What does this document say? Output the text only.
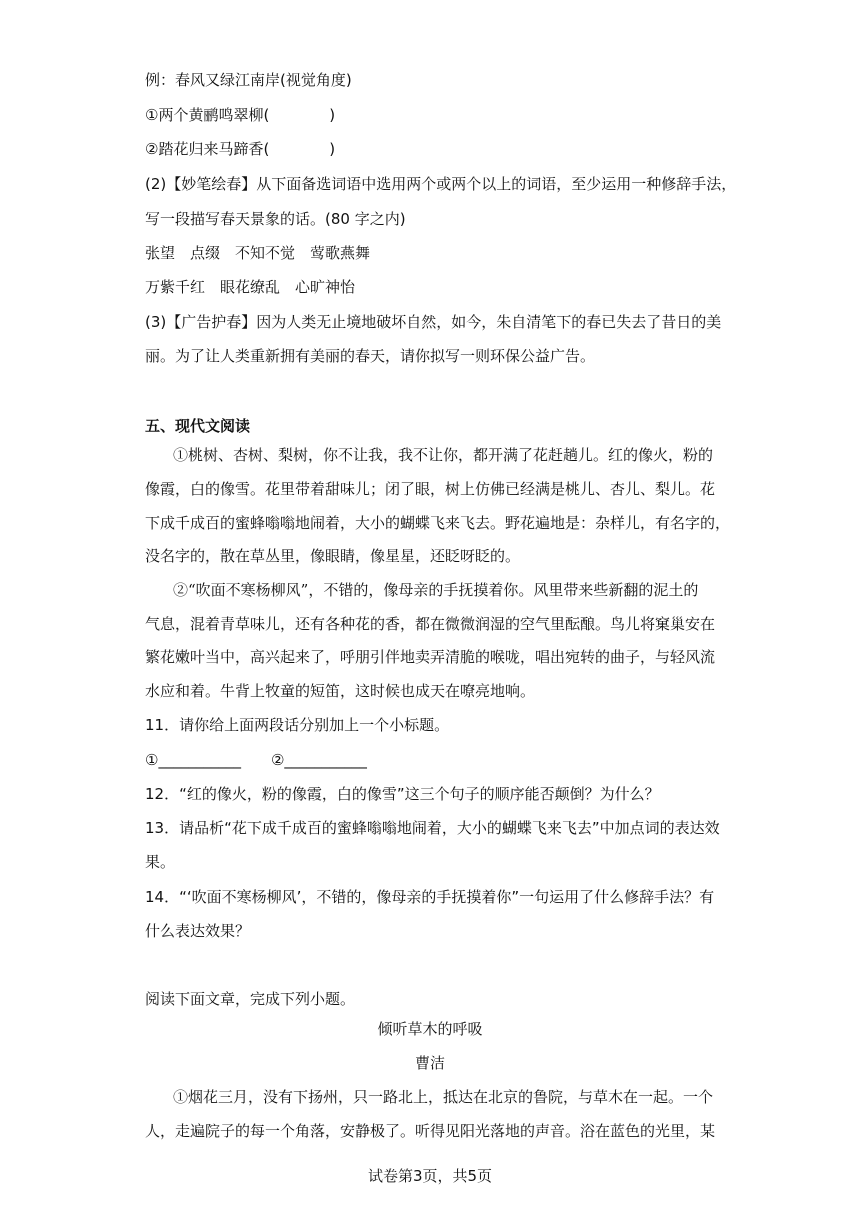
例：春风又绿江南岸(视觉角度)
①两个黄鹂鸣翠柳(　　　　)
②踏花归来马蹄香(　　　　)
(2)【妙笔绘春】从下面备选词语中选用两个或两个以上的词语，至少运用一种修辞手法，
写一段描写春天景象的话。(80 字之内)
张望　点缀　不知不觉　莺歌燕舞
万紫千红　眼花缭乱　心旷神怡
(3)【广告护春】因为人类无止境地破坏自然，如今，朱自清笔下的春已失去了昔日的美
丽。为了让人类重新拥有美丽的春天，请你拟写一则环保公益广告。
五、现代文阅读
①桃树、杏树、梨树，你不让我，我不让你，都开满了花赶趟儿。红的像火，粉的
像霞，白的像雪。花里带着甜味儿；闭了眼，树上仿佛已经满是桃儿、杏儿、梨儿。花
下成千成百的蜜蜂嗡嗡地闹着，大小的蝴蝶飞来飞去。野花遍地是：杂样儿，有名字的，
没名字的，散在草丛里，像眼睛，像星星，还眨呀眨的。
②“吹面不寒杨柳风”，不错的，像母亲的手抚摸着你。风里带来些新翻的泥土的
气息，混着青草味儿，还有各种花的香，都在微微润湿的空气里酝酿。鸟儿将窠巢安在
繁花嫩叶当中，高兴起来了，呼朋引伴地卖弄清脆的喉咙，唱出宛转的曲子，与轻风流
水应和着。牛背上牧童的短笛，这时候也成天在嘹亮地响。
11．请你给上面两段话分别加上一个小标题。
①___________　　②___________
12．“红的像火，粉的像霞，白的像雪”这三个句子的顺序能否颠倒？为什么？
13．请品析“花下成千成百的蜜蜂嗡嗡地闹着，大小的蝴蝶飞来飞去”中加点词的表达效
果。
14．“‘吹面不寒杨柳风’，不错的，像母亲的手抚摸着你”一句运用了什么修辞手法？有
什么表达效果？
阅读下面文章，完成下列小题。
倾听草木的呼吸
曹洁
①烟花三月，没有下扬州，只一路北上，抵达在北京的鲁院，与草木在一起。一个
人，走遍院子的每一个角落，安静极了。听得见阳光落地的声音。浴在蓝色的光里，某
试卷第3页，共5页
